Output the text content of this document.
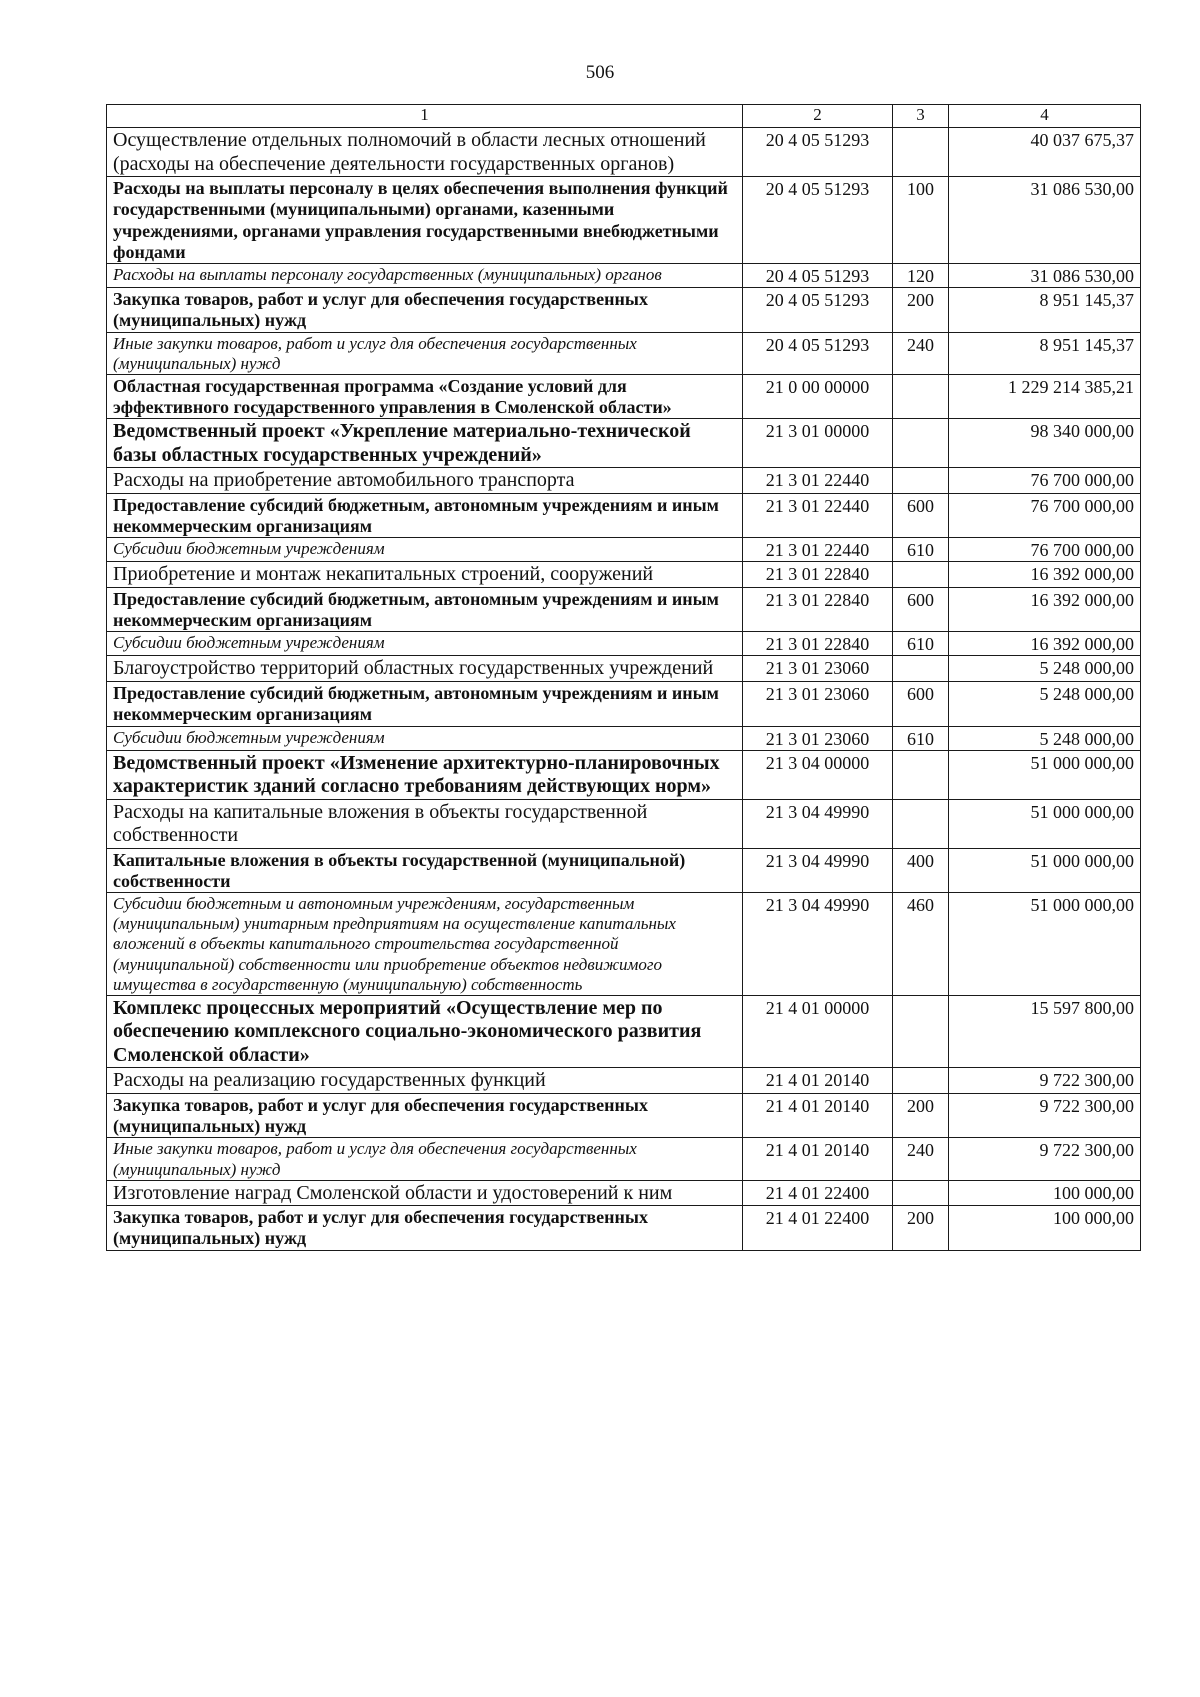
506
1	2	3	4
Осуществление отдельных полномочий в области лесных отношений (расходы на обеспечение деятельности государственных органов)	20 4 05 51293		40 037 675,37
Расходы на выплаты персоналу в целях обеспечения выполнения функций государственными (муниципальными) органами, казенными учреждениями, органами управления государственными внебюджетными фондами	20 4 05 51293	100	31 086 530,00
Расходы на выплаты персоналу государственных (муниципальных) органов	20 4 05 51293	120	31 086 530,00
Закупка товаров, работ и услуг для обеспечения государственных (муниципальных) нужд	20 4 05 51293	200	8 951 145,37
Иные закупки товаров, работ и услуг для обеспечения государственных (муниципальных) нужд	20 4 05 51293	240	8 951 145,37
Областная государственная программа «Создание условий для эффективного государственного управления в Смоленской области»	21 0 00 00000		1 229 214 385,21
Ведомственный проект «Укрепление материально-технической базы областных государственных учреждений»	21 3 01 00000		98 340 000,00
Расходы на приобретение автомобильного транспорта	21 3 01 22440		76 700 000,00
Предоставление субсидий бюджетным, автономным учреждениям и иным некоммерческим организациям	21 3 01 22440	600	76 700 000,00
Субсидии бюджетным учреждениям	21 3 01 22440	610	76 700 000,00
Приобретение и монтаж некапитальных строений, сооружений	21 3 01 22840		16 392 000,00
Предоставление субсидий бюджетным, автономным учреждениям и иным некоммерческим организациям	21 3 01 22840	600	16 392 000,00
Субсидии бюджетным учреждениям	21 3 01 22840	610	16 392 000,00
Благоустройство территорий областных государственных учреждений	21 3 01 23060		5 248 000,00
Предоставление субсидий бюджетным, автономным учреждениям и иным некоммерческим организациям	21 3 01 23060	600	5 248 000,00
Субсидии бюджетным учреждениям	21 3 01 23060	610	5 248 000,00
Ведомственный проект «Изменение архитектурно-планировочных характеристик зданий согласно требованиям действующих норм»	21 3 04 00000		51 000 000,00
Расходы на капитальные вложения в объекты государственной собственности	21 3 04 49990		51 000 000,00
Капитальные вложения в объекты государственной (муниципальной) собственности	21 3 04 49990	400	51 000 000,00
Субсидии бюджетным и автономным учреждениям, государственным (муниципальным) унитарным предприятиям на осуществление капитальных вложений в объекты капитального строительства государственной (муниципальной) собственности или приобретение объектов недвижимого имущества в государственную (муниципальную) собственность	21 3 04 49990	460	51 000 000,00
Комплекс процессных мероприятий «Осуществление мер по обеспечению комплексного социально-экономического развития Смоленской области»	21 4 01 00000		15 597 800,00
Расходы на реализацию государственных функций	21 4 01 20140		9 722 300,00
Закупка товаров, работ и услуг для обеспечения государственных (муниципальных) нужд	21 4 01 20140	200	9 722 300,00
Иные закупки товаров, работ и услуг для обеспечения государственных (муниципальных) нужд	21 4 01 20140	240	9 722 300,00
Изготовление наград Смоленской области и удостоверений к ним	21 4 01 22400		100 000,00
Закупка товаров, работ и услуг для обеспечения государственных (муниципальных) нужд	21 4 01 22400	200	100 000,00
